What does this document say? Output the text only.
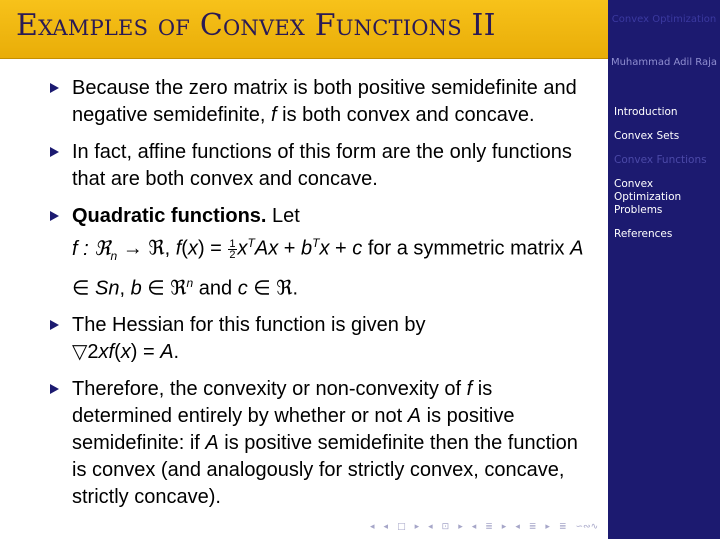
Examples of Convex Functions II	Convex Optimization
Muhammad Adil Raja
Introduction
Convex Sets
Convex Functions
Convex Optimization Problems
References
Because the zero matrix is both positive semidefinite and negative semidefinite, f is both convex and concave.
In fact, affine functions of this form are the only functions that are both convex and concave.
Quadratic functions. Let
f : ℜ$_n$ → ℜ, $f(x) = \frac{1}{2} x^TAx + b^Tx + c$ for a symmetric matrix A ∈ Sn, b ∈ ℜ$^n$ and c ∈ ℜ.
The Hessian for this function is given by
▽2xf(x) = A.
Therefore, the convexity or non-convexity of f is determined entirely by whether or not A is positive semidefinite: if A is positive semidefinite then the function is convex (and analogously for strictly convex, concave, strictly concave).
◂ ◂ □ ▸ ◂ ⊡ ▸ ◂ ≣ ▸ ◂ ≣ ▸ ≣ ∽∾∿
